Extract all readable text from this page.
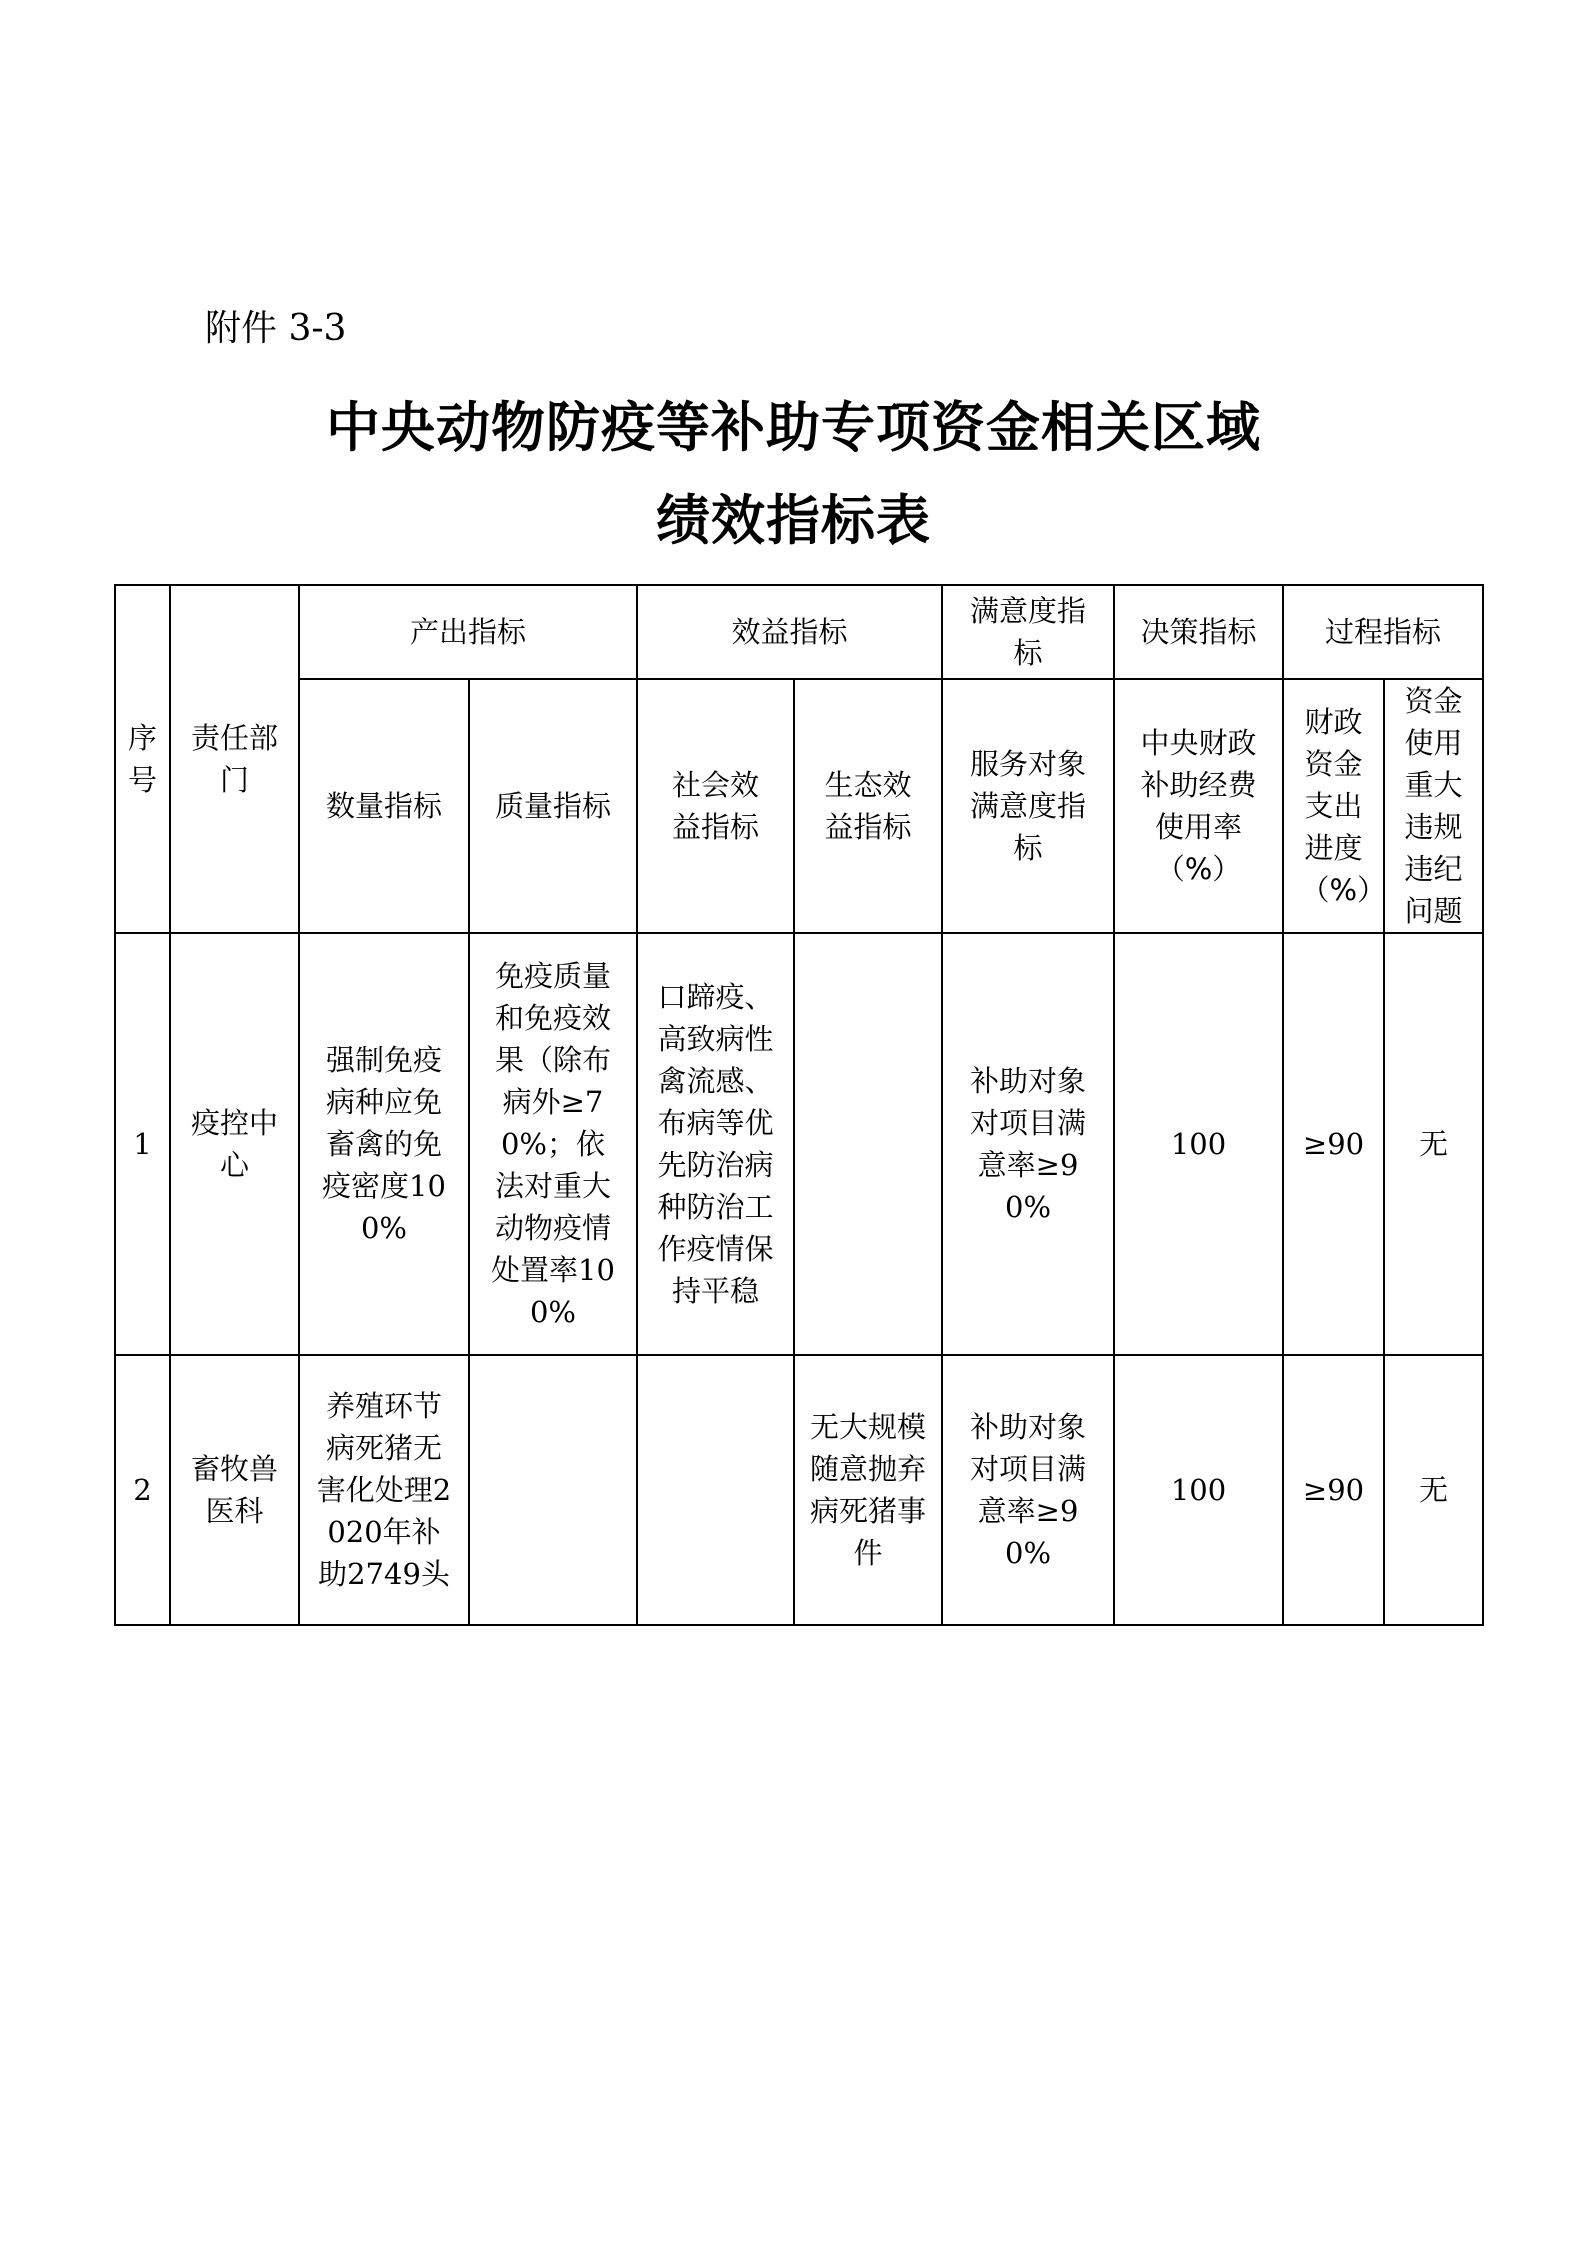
附件 3-3
中央动物防疫等补助专项资金相关区域
绩效指标表
序号	责任部门	产出指标		效益指标		满意度指标	决策指标	过程指标	
		数量指标	质量指标	社会效益指标	生态效益指标	服务对象满意度指标	中央财政补助经费使用率（%）	财政资金支出进度（%）	资金使用重大违规违纪问题

1	疫控中心	强制免疫病种应免畜禽的免疫密度100%	免疫质量和免疫效果（除布病外≥70%；依法对重大动物疫情处置率100%	口蹄疫、高致病性禽流感、布病等优先防治病种防治工作疫情保持平稳		补助对象对项目满意率≥90%	100	≥90	无
2	畜牧兽医科	养殖环节病死猪无害化处理2020年补助2749头			无大规模随意抛弃病死猪事件	补助对象对项目满意率≥90%	100	≥90	无
